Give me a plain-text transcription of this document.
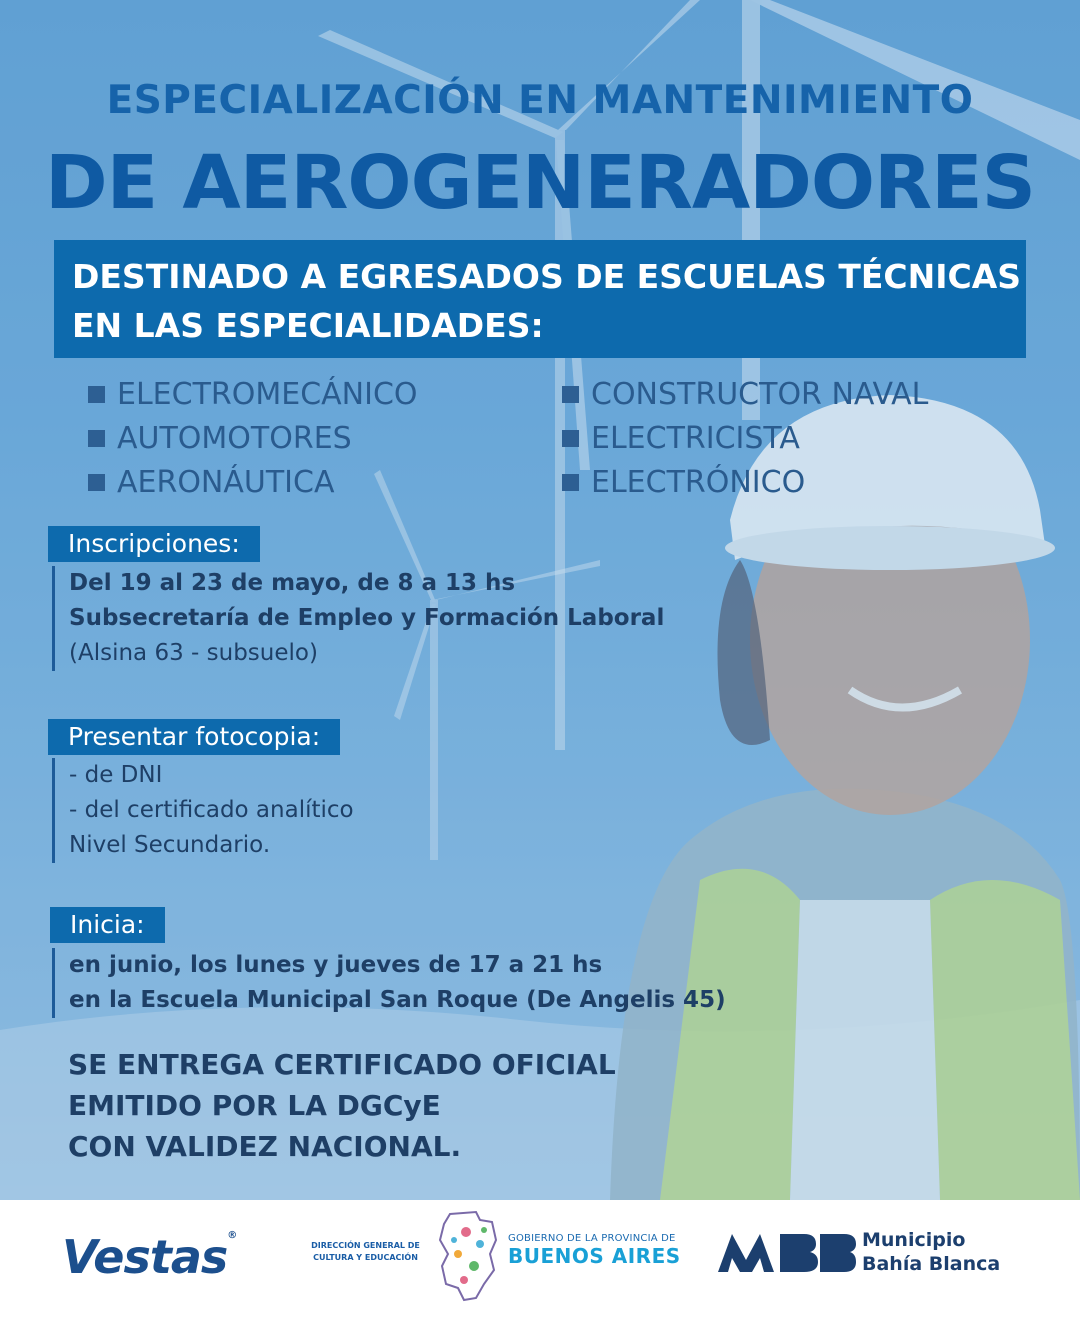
ESPECIALIZACIÓN EN MANTENIMIENTO
DE AEROGENERADORES
DESTINADO A EGRESADOS DE ESCUELAS TÉCNICAS
EN LAS ESPECIALIDADES:
ELECTROMECÁNICO
AUTOMOTORES
AERONÁUTICA
CONSTRUCTOR NAVAL
ELECTRICISTA
ELECTRÓNICO
Inscripciones:
Del 19 al 23 de mayo, de 8 a 13 hs
Subsecretaría de Empleo y Formación Laboral
(Alsina 63 - subsuelo)
Presentar fotocopia:
- de DNI
- del certificado analítico
Nivel Secundario.
Inicia:
en junio, los lunes y jueves de 17 a 21 hs
en la Escuela Municipal San Roque (De Angelis 45)
SE ENTREGA CERTIFICADO OFICIAL
EMITIDO POR LA DGCyE
CON VALIDEZ NACIONAL.
Vestas®
DIRECCIÓN GENERAL DE
CULTURA Y EDUCACIÓN
GOBIERNO DE LA PROVINCIA DE
BUENOS AIRES
Municipio
Bahía Blanca
